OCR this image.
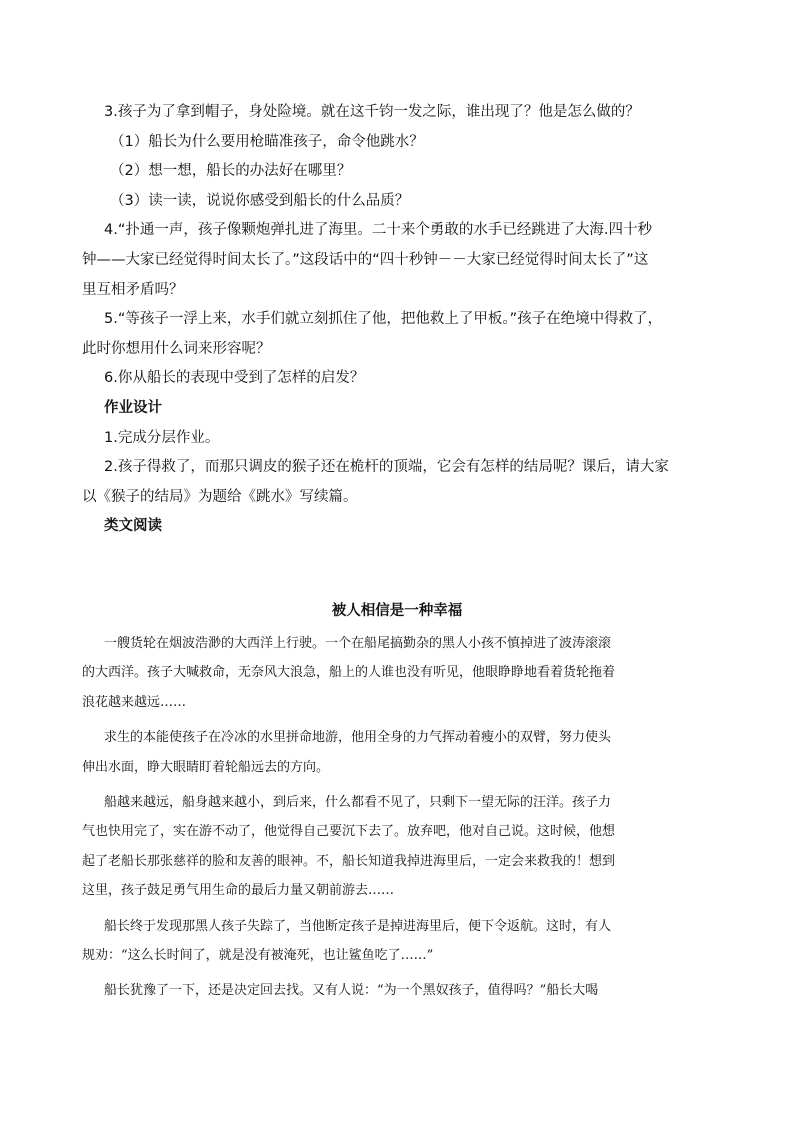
3.孩子为了拿到帽子，身处险境。就在这千钧一发之际，谁出现了？他是怎么做的？

（1）船长为什么要用枪瞄准孩子，命令他跳水？

（2）想一想，船长的办法好在哪里？

（3）读一读，说说你感受到船长的什么品质？

4.“扑通一声，孩子像颗炮弹扎进了海里。二十来个勇敢的水手已经跳进了大海.四十秒

钟——大家已经觉得时间太长了。”这段话中的“四十秒钟－－大家已经觉得时间太长了”这

里互相矛盾吗？

5.“等孩子一浮上来，水手们就立刻抓住了他，把他救上了甲板。”孩子在绝境中得救了，

此时你想用什么词来形容呢？

6.你从船长的表现中受到了怎样的启发？

作业设计

1.完成分层作业。

2.孩子得救了，而那只调皮的猴子还在桅杆的顶端，它会有怎样的结局呢？课后，请大家

以《猴子的结局》为题给《跳水》写续篇。

类文阅读

被人相信是一种幸福

一艘货轮在烟波浩渺的大西洋上行驶。一个在船尾搞勤杂的黑人小孩不慎掉进了波涛滚滚

的大西洋。孩子大喊救命，无奈风大浪急，船上的人谁也没有听见，他眼睁睁地看着货轮拖着

浪花越来越远……

求生的本能使孩子在冷冰的水里拼命地游，他用全身的力气挥动着瘦小的双臂，努力使头

伸出水面，睁大眼睛盯着轮船远去的方向。

船越来越远，船身越来越小，到后来，什么都看不见了，只剩下一望无际的汪洋。孩子力

气也快用完了，实在游不动了，他觉得自己要沉下去了。放弃吧，他对自己说。这时候，他想

起了老船长那张慈祥的脸和友善的眼神。不，船长知道我掉进海里后，一定会来救我的！想到

这里，孩子鼓足勇气用生命的最后力量又朝前游去……

船长终于发现那黑人孩子失踪了，当他断定孩子是掉进海里后，便下令返航。这时，有人

规劝：“这么长时间了，就是没有被淹死，也让鲨鱼吃了……”

船长犹豫了一下，还是决定回去找。又有人说：“为一个黑奴孩子，值得吗？”船长大喝
